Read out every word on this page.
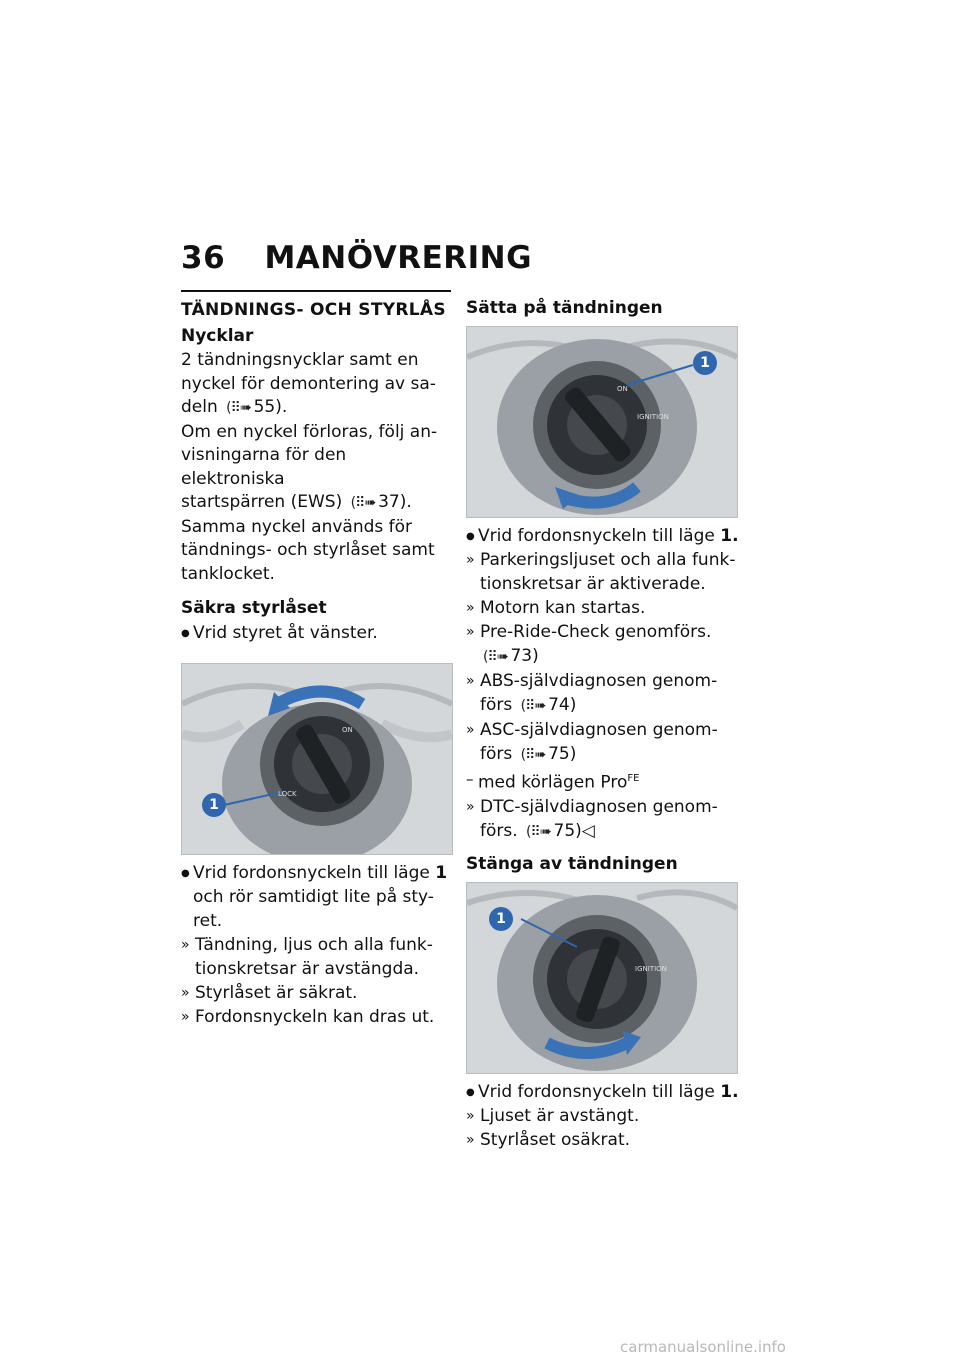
36 MANÖVRERING
TÄNDNINGS- OCH STYRLÅS
Nycklar

2 tändningsnycklar samt en
nyckel för demontering av sa-
deln (⠿➠ 55).

Om en nyckel förloras, följ an-
visningarna för den elektroniska
startspärren (EWS) (⠿➠ 37).

Samma nyckel används för
tändnings- och styrlåset samt
tanklocket.

Säkra styrlåset
● Vrid styret åt vänster.
ON
LOCK
1
● Vrid fordonsnyckeln till läge 1
och rör samtidigt lite på sty-
ret.
» Tändning, ljus och alla funk-
tionskretsar är avstängda.
» Styrlåset är säkrat.
» Fordonsnyckeln kan dras ut.
Sätta på tändningen
ON
IGNITION
1
● Vrid fordonsnyckeln till läge 1.
» Parkeringsljuset och alla funk-
tionskretsar är aktiverade.
» Motorn kan startas.
» Pre-Ride-Check genomförs.
(⠿➠ 73)
» ABS-självdiagnosen genom-
förs (⠿➠ 74)
» ASC-självdiagnosen genom-
förs (⠿➠ 75)
– med körlägen Pro$^{FE}$
» DTC-självdiagnosen genom-
förs. (⠿➠ 75)◁
Stänga av tändningen
IGNITION
1
● Vrid fordonsnyckeln till läge 1.
» Ljuset är avstängt.
» Styrlåset osäkrat.
carmanualsonline.info
